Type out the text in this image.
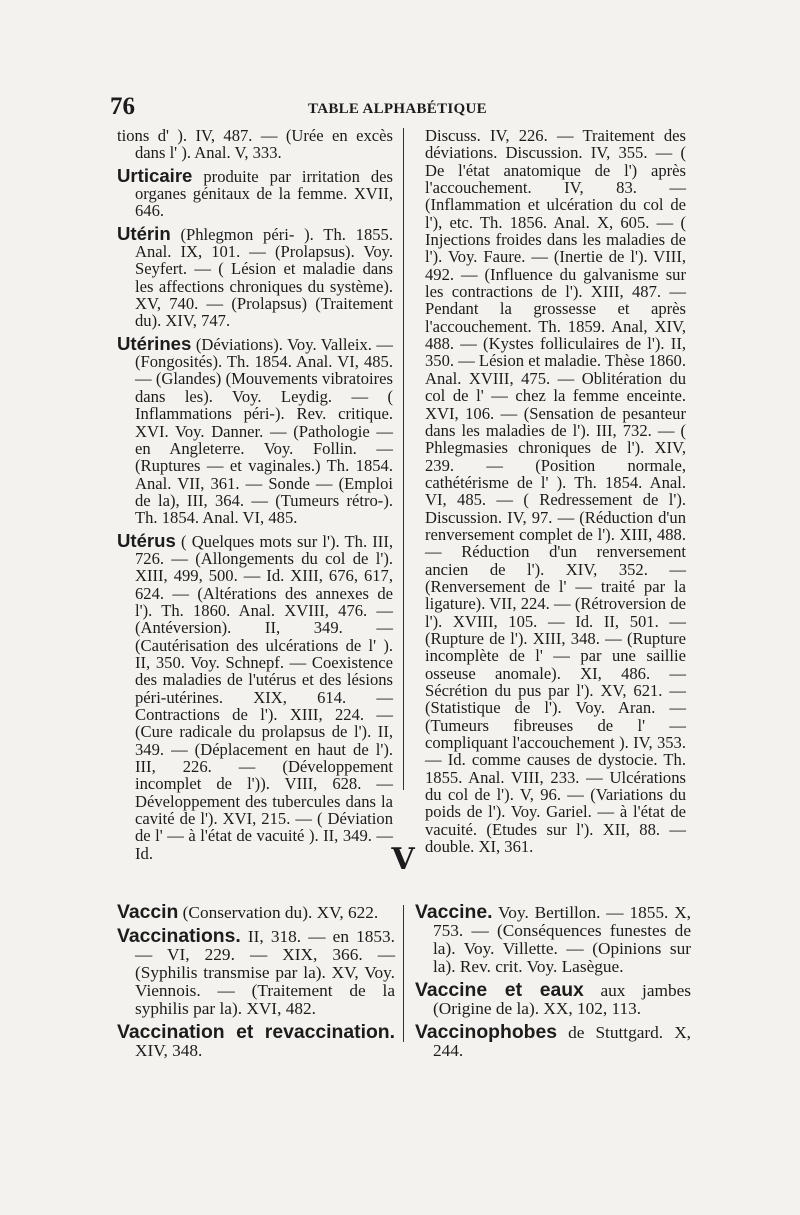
76	TABLE ALPHABÉTIQUE

tions d' ). IV, 487. — (Urée en excès dans l' ). Anal. V, 333.

Urticaire produite par irritation des organes génitaux de la femme. XVII, 646.

Utérin (Phlegmon péri- ). Th. 1855. Anal. IX, 101. — (Prolapsus). Voy. Seyfert. — ( Lésion et maladie dans les affections chroniques du système). XV, 740. — (Prolapsus) (Traitement du). XIV, 747.

Utérines (Déviations). Voy. Valleix. — (Fongosités). Th. 1854. Anal. VI, 485. — (Glandes) (Mouvements vibratoires dans les). Voy. Leydig. — ( Inflammations péri-). Rev. critique. XVI. Voy. Danner. — (Pathologie — en Angleterre. Voy. Follin. — (Ruptures — et vaginales.) Th. 1854. Anal. VII, 361. — Sonde — (Emploi de la), III, 364. — (Tumeurs rétro-). Th. 1854. Anal. VI, 485.

Utérus ( Quelques mots sur l'). Th. III, 726. — (Allongements du col de l'). XIII, 499, 500. — Id. XIII, 676, 617, 624. — (Altérations des annexes de l'). Th. 1860. Anal. XVIII, 476. — (Antéversion). II, 349. — (Cautérisation des ulcérations de l' ). II, 350. Voy. Schnepf. — Coexistence des maladies de l'utérus et des lésions péri-utérines. XIX, 614. — Contractions de l'). XIII, 224. — (Cure radicale du prolapsus de l'). II, 349. — (Déplacement en haut de l'). III, 226. — (Développement incomplet de l')). VIII, 628. — Développement des tubercules dans la cavité de l'). XVI, 215. — ( Déviation de l' — à l'état de vacuité ). II, 349. — Id.

Discuss. IV, 226. — Traitement des déviations. Discussion. IV, 355. — ( De l'état anatomique de l') après l'accouchement. IV, 83. — (Inflammation et ulcération du col de l'), etc. Th. 1856. Anal. X, 605. — ( Injections froides dans les maladies de l'). Voy. Faure. — (Inertie de l'). VIII, 492. — (Influence du galvanisme sur les contractions de l'). XIII, 487. — Pendant la grossesse et après l'accouchement. Th. 1859. Anal, XIV, 488. — (Kystes folliculaires de l'). II, 350. — Lésion et maladie. Thèse 1860. Anal. XVIII, 475. — Oblitération du col de l' — chez la femme enceinte. XVI, 106. — (Sensation de pesanteur dans les maladies de l'). III, 732. — ( Phlegmasies chroniques de l'). XIV, 239. — (Position normale, cathétérisme de l' ). Th. 1854. Anal. VI, 485. — ( Redressement de l'). Discussion. IV, 97. — (Réduction d'un renversement complet de l'). XIII, 488. — Réduction d'un renversement ancien de l'). XIV, 352. — (Renversement de l' — traité par la ligature). VII, 224. — (Rétroversion de l'). XVIII, 105. — Id. II, 501. — (Rupture de l'). XIII, 348. — (Rupture incomplète de l' — par une saillie osseuse anomale). XI, 486. — Sécrétion du pus par l'). XV, 621. — (Statistique de l'). Voy. Aran. — (Tumeurs fibreuses de l' — compliquant l'accouchement ). IV, 353. — Id. comme causes de dystocie. Th. 1855. Anal. VIII, 233. — Ulcérations du col de l'). V, 96. — (Variations du poids de l'). Voy. Gariel. — à l'état de vacuité. (Etudes sur l'). XII, 88. — double. XI, 361.

V

Vaccin (Conservation du). XV, 622.

Vaccinations. II, 318. — en 1853. — VI, 229. — XIX, 366. — (Syphilis transmise par la). XV, Voy. Viennois. — (Traitement de la syphilis par la). XVI, 482.

Vaccination et revaccination. XIV, 348.

Vaccine. Voy. Bertillon. — 1855. X, 753. — (Conséquences funestes de la). Voy. Villette. — (Opinions sur la). Rev. crit. Voy. Lasègue.

Vaccine et eaux aux jambes (Origine de la). XX, 102, 113.

Vaccinophobes de Stuttgard. X, 244.
